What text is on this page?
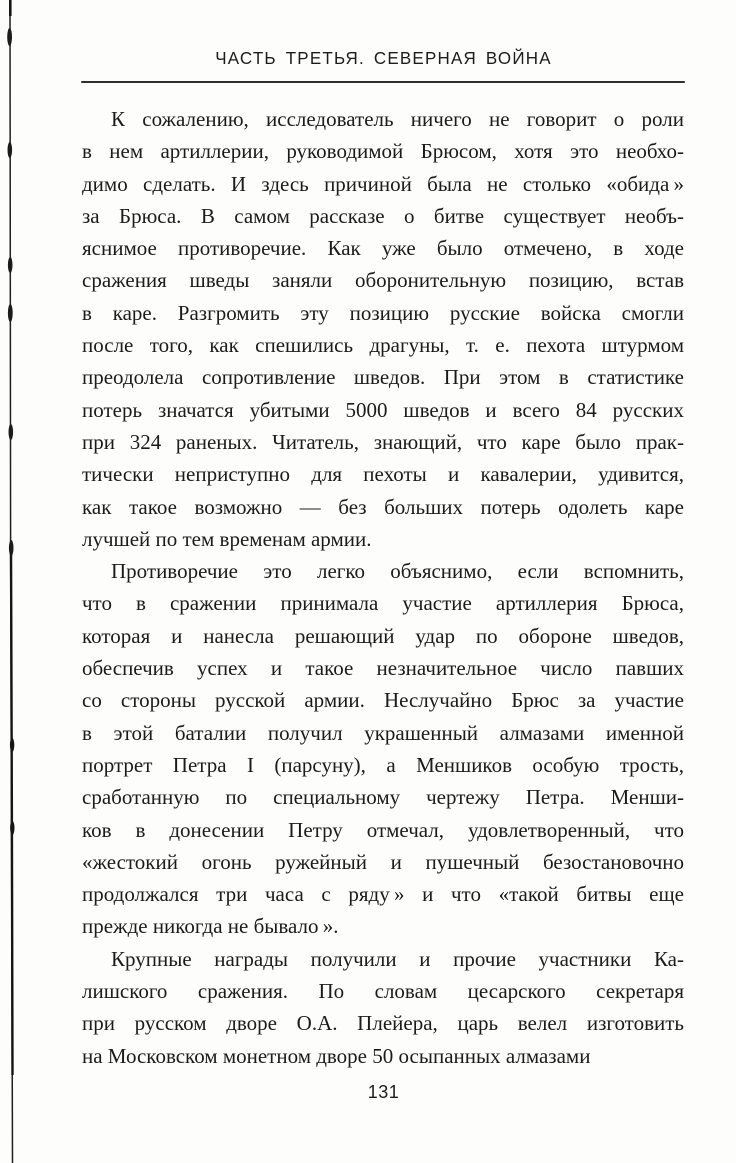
ЧАСТЬ ТРЕТЬЯ. СЕВЕРНАЯ ВОЙНА
К сожалению, исследователь ничего не говорит о роли
в нем артиллерии, руководимой Брюсом, хотя это необхо-
димо сделать. И здесь причиной была не столько «обида »
за Брюса. В самом рассказе о битве существует необъ-
яснимое противоречие. Как уже было отмечено, в ходе
сражения шведы заняли оборонительную позицию, встав
в каре. Разгромить эту позицию русские войска смогли
после того, как спешились драгуны, т. е. пехота штурмом
преодолела сопротивление шведов. При этом в статистике
потерь значатся убитыми 5000 шведов и всего 84 русских
при 324 раненых. Читатель, знающий, что каре было прак-
тически неприступно для пехоты и кавалерии, удивится,
как такое возможно — без больших потерь одолеть каре
лучшей по тем временам армии.
Противоречие это легко объяснимо, если вспомнить,
что в сражении принимала участие артиллерия Брюса,
которая и нанесла решающий удар по обороне шведов,
обеспечив успех и такое незначительное число павших
со стороны русской армии. Неслучайно Брюс за участие
в этой баталии получил украшенный алмазами именной
портрет Петра I (парсуну), а Меншиков особую трость,
сработанную по специальному чертежу Петра. Менши-
ков в донесении Петру отмечал, удовлетворенный, что
«жестокий огонь ружейный и пушечный безостановочно
продолжался три часа с ряду » и что «такой битвы еще
прежде никогда не бывало ».
Крупные награды получили и прочие участники Ка-
лишского сражения. По словам цесарского секретаря
при русском дворе О.А. Плейера, царь велел изготовить
на Московском монетном дворе 50 осыпанных алмазами
131
